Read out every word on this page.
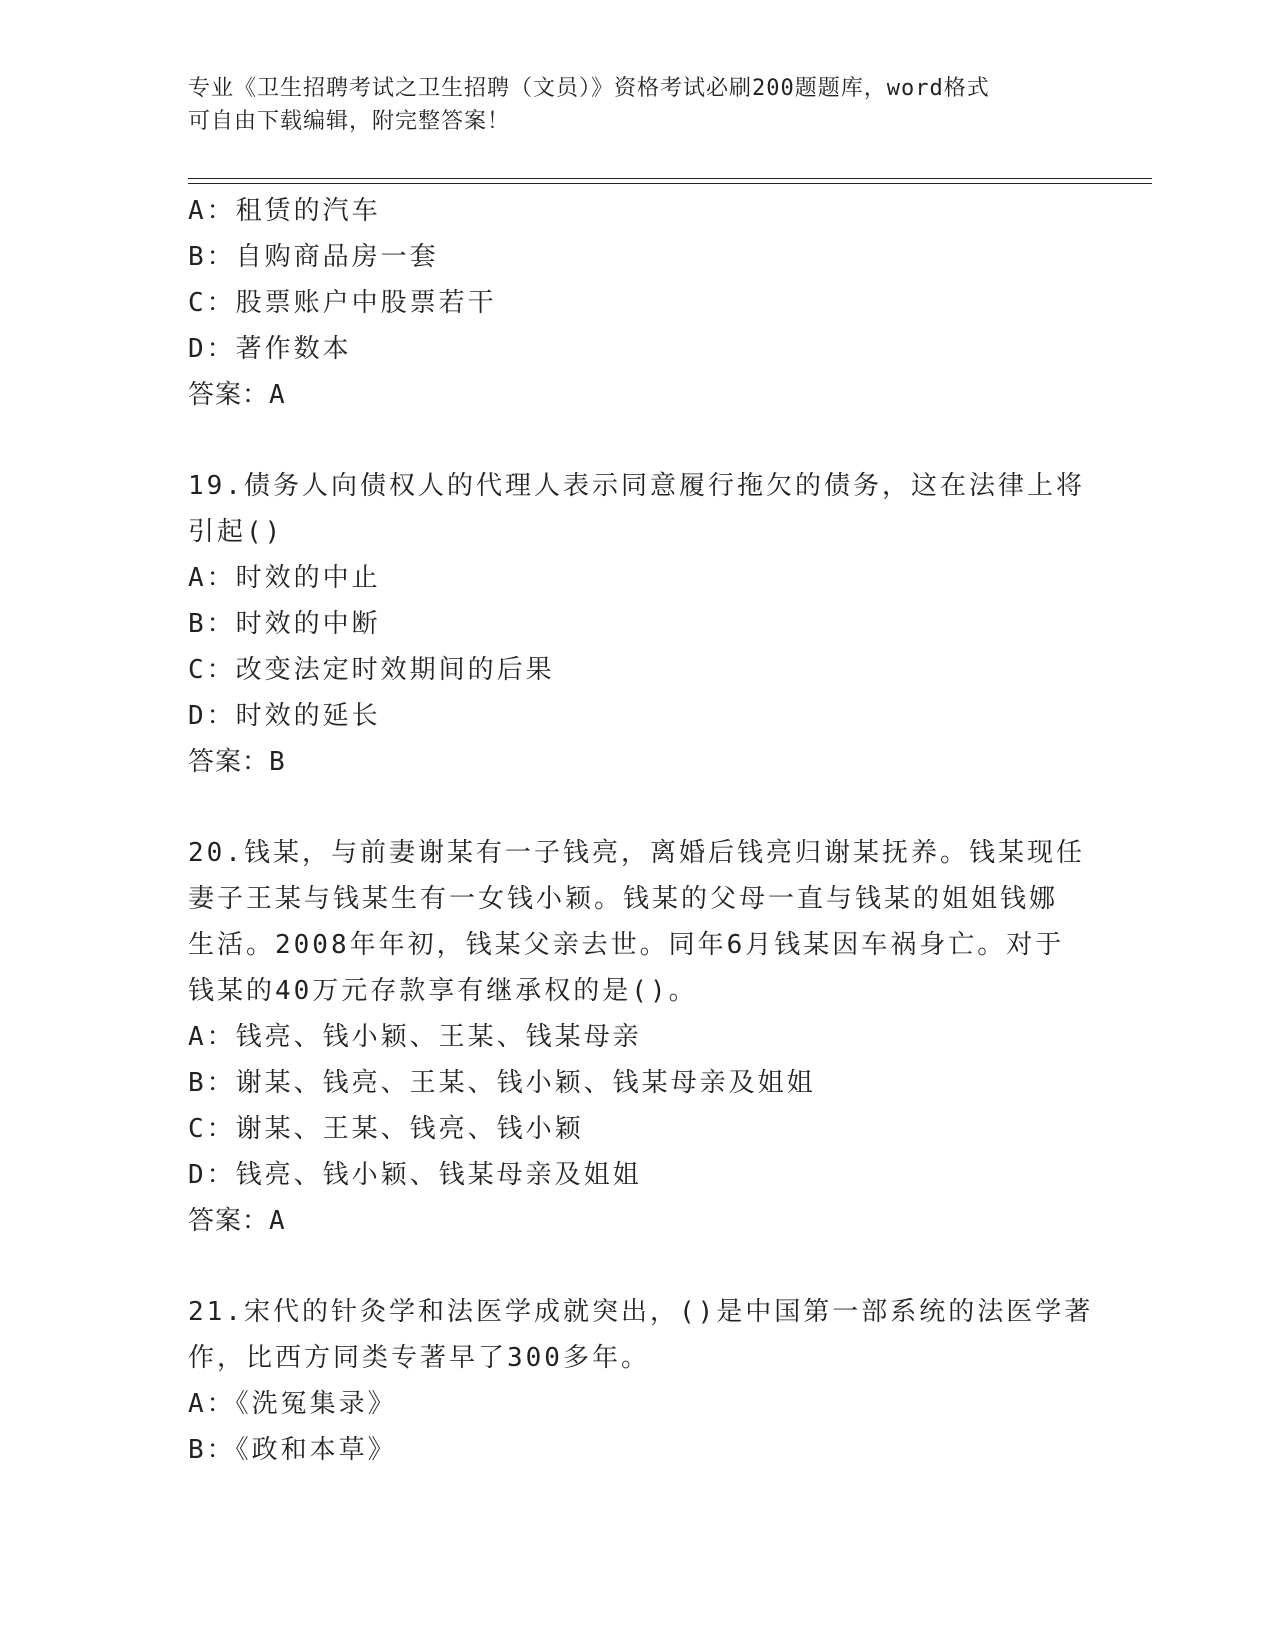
专业《卫生招聘考试之卫生招聘（文员）》资格考试必刷200题题库，word格式
可自由下载编辑，附完整答案！
A：租赁的汽车
B：自购商品房一套
C：股票账户中股票若干
D：著作数本
答案：A
19.债务人向债权人的代理人表示同意履行拖欠的债务，这在法律上将
引起()
A：时效的中止
B：时效的中断
C：改变法定时效期间的后果
D：时效的延长
答案：B
20.钱某，与前妻谢某有一子钱亮，离婚后钱亮归谢某抚养。钱某现任
妻子王某与钱某生有一女钱小颖。钱某的父母一直与钱某的姐姐钱娜
生活。2008年年初，钱某父亲去世。同年6月钱某因车祸身亡。对于
钱某的40万元存款享有继承权的是()。
A：钱亮、钱小颖、王某、钱某母亲
B：谢某、钱亮、王某、钱小颖、钱某母亲及姐姐
C：谢某、王某、钱亮、钱小颖
D：钱亮、钱小颖、钱某母亲及姐姐
答案：A
21.宋代的针灸学和法医学成就突出，()是中国第一部系统的法医学著
作，比西方同类专著早了300多年。
A：《洗冤集录》
B：《政和本草》
